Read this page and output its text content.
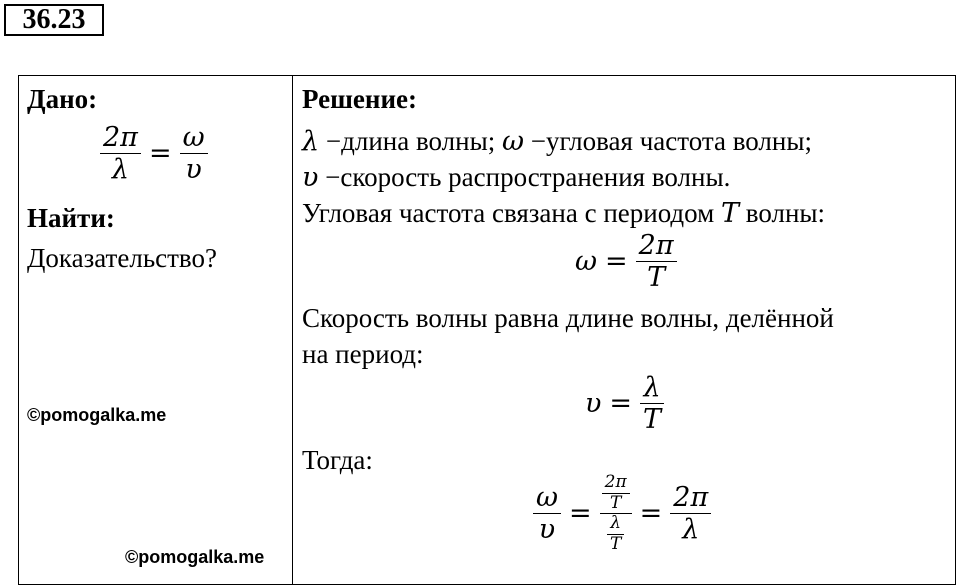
36.23
Дано:
$\frac{2\pi}{\lambda} = \frac{\omega}{\upsilon}$
Найти:
Доказательство?
©pomogalka.me
Решение:
λ −длина волны; ω −угловая частота волны;
υ −скорость распространения волны.
Угловая частота связана с периодом T волны:
$\omega = \frac{2\pi}{T}$
Скорость волны равна длине волны, делённой
на период:
$\upsilon = \frac{\lambda}{T}$
Тогда:
$\frac{\omega}{\upsilon} = \frac{\frac{2\pi}{T}}{\frac{\lambda}{T}} = \frac{2\pi}{\lambda}$
©pomogalka.me
